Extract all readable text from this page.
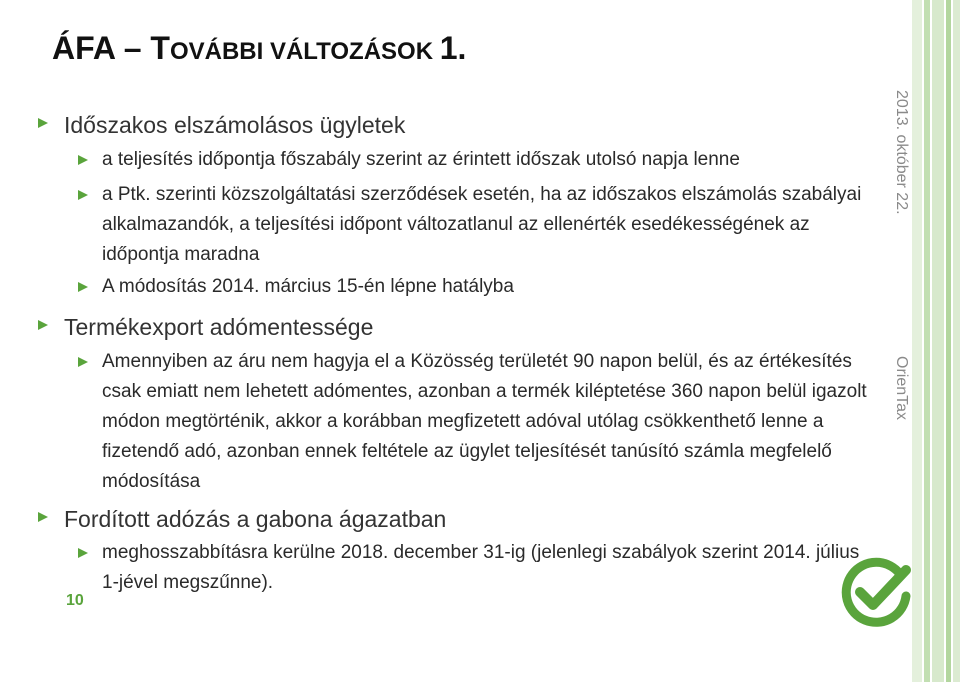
ÁFA – TOVÁBBI VÁLTOZÁSOK 1.
Időszakos elszámolásos ügyletek
a teljesítés időpontja főszabály szerint az érintett időszak utolsó napja lenne
a Ptk. szerinti közszolgáltatási szerződések esetén, ha az időszakos elszámolás szabályai alkalmazandók, a teljesítési időpont változatlanul az ellenérték esedékességének az időpontja maradna
A módosítás 2014. március 15-én lépne hatályba
Termékexport adómentessége
Amennyiben az áru nem hagyja el a Közösség területét 90 napon belül, és az értékesítés csak emiatt nem lehetett adómentes, azonban a termék kiléptetése 360 napon belül igazolt módon megtörténik, akkor a korábban megfizetett adóval utólag csökkenthető lenne a fizetendő adó, azonban ennek feltétele az ügylet teljesítését tanúsító számla megfelelő módosítása
Fordított adózás a gabona ágazatban
meghosszabbításra kerülne 2018. december 31-ig (jelenlegi szabályok szerint 2014. július 1-jével megszűnne).
10
2013. október 22.
OrienTax
